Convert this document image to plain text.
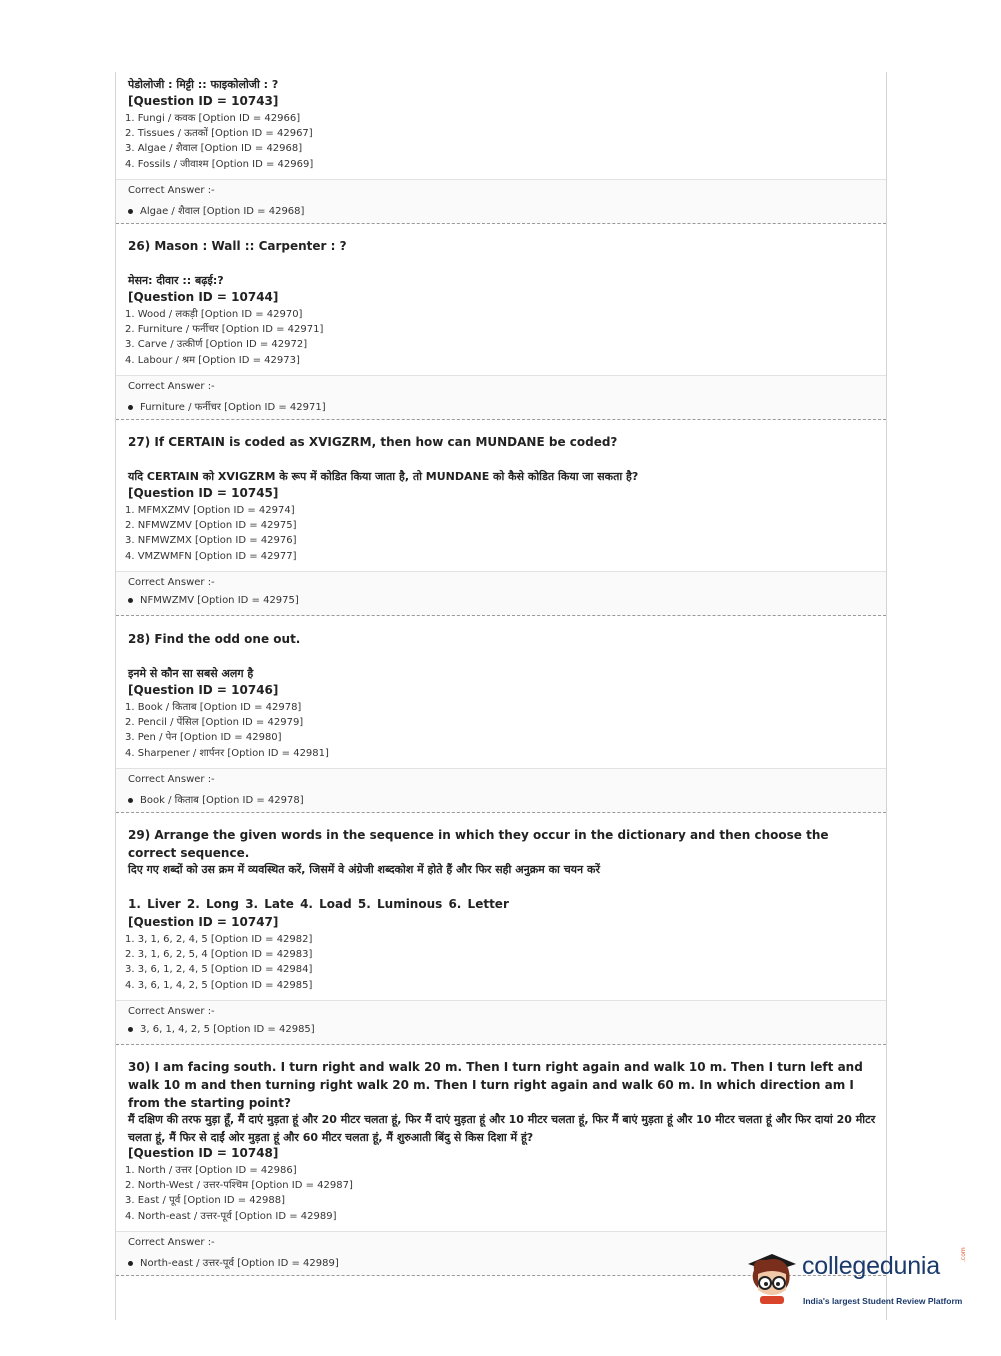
पेडोलोजी : मिट्टी :: फाइकोलोजी : ?
[Question ID = 10743]
1. Fungi / कवक [Option ID = 42966]
2. Tissues / ऊतकों [Option ID = 42967]
3. Algae / शैवाल [Option ID = 42968]
4. Fossils / जीवाश्म [Option ID = 42969]
Correct Answer :-
Algae / शैवाल [Option ID = 42968]
26) Mason : Wall :: Carpenter : ?
मेसन: दीवार :: बढ़ई:?
[Question ID = 10744]
1. Wood / लकड़ी [Option ID = 42970]
2. Furniture / फर्नीचर [Option ID = 42971]
3. Carve / उत्कीर्ण [Option ID = 42972]
4. Labour / श्रम [Option ID = 42973]
Correct Answer :-
Furniture / फर्नीचर [Option ID = 42971]
27) If CERTAIN is coded as XVIGZRM, then how can MUNDANE be coded?
यदि CERTAIN को XVIGZRM के रूप में कोडित किया जाता है, तो MUNDANE को कैसे कोडित किया जा सकता है?
[Question ID = 10745]
1. MFMXZMV [Option ID = 42974]
2. NFMWZMV [Option ID = 42975]
3. NFMWZMX [Option ID = 42976]
4. VMZWMFN [Option ID = 42977]
Correct Answer :-
NFMWZMV [Option ID = 42975]
28) Find the odd one out.
इनमे से कौन सा सबसे अलग है
[Question ID = 10746]
1. Book / किताब [Option ID = 42978]
2. Pencil / पेंसिल [Option ID = 42979]
3. Pen / पेन [Option ID = 42980]
4. Sharpener / शार्पनर [Option ID = 42981]
Correct Answer :-
Book / किताब [Option ID = 42978]
29) Arrange the given words in the sequence in which they occur in the dictionary and then choose the correct sequence.
दिए गए शब्दों को उस क्रम में व्यवस्थित करें, जिसमें वे अंग्रेजी शब्दकोश में होते हैं और फिर सही अनुक्रम का चयन करें
1. Liver 2. Long 3. Late 4. Load 5. Luminous 6. Letter
[Question ID = 10747]
1. 3, 1, 6, 2, 4, 5 [Option ID = 42982]
2. 3, 1, 6, 2, 5, 4 [Option ID = 42983]
3. 3, 6, 1, 2, 4, 5 [Option ID = 42984]
4. 3, 6, 1, 4, 2, 5 [Option ID = 42985]
Correct Answer :-
3, 6, 1, 4, 2, 5 [Option ID = 42985]
30) I am facing south. I turn right and walk 20 m. Then I turn right again and walk 10 m. Then I turn left and walk 10 m and then turning right walk 20 m. Then I turn right again and walk 60 m. In which direction am I from the starting point?
मैं दक्षिण की तरफ मुड़ा हूँ, मैं दाएं मुड़ता हूं और 20 मीटर चलता हूं, फिर मैं दाएं मुड़ता हूं और 10 मीटर चलता हूं, फिर मैं बाएं मुड़ता हूं और 10 मीटर चलता हूं और फिर दायां 20 मीटर चलता हूं, मैं फिर से दाईं ओर मुड़ता हूं और 60 मीटर चलता हूं, मैं शुरुआती बिंदु से किस दिशा में हूं?
[Question ID = 10748]
1. North / उत्तर [Option ID = 42986]
2. North-West / उत्तर-पश्चिम [Option ID = 42987]
3. East / पूर्व [Option ID = 42988]
4. North-east / उत्तर-पूर्व [Option ID = 42989]
Correct Answer :-
North-east / उत्तर-पूर्व [Option ID = 42989]	collegedunia	.com
India's largest Student Review Platform
